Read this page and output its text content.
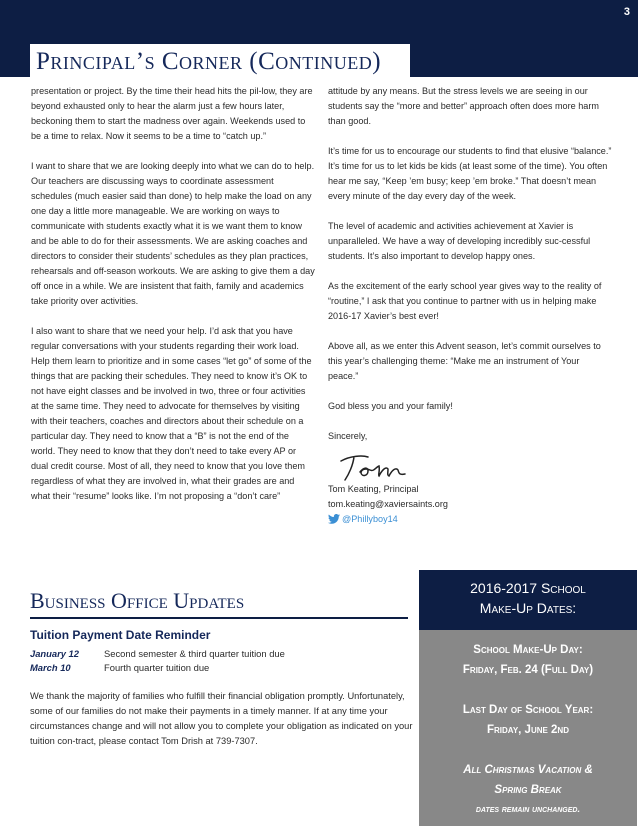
3
Principal’s Corner (Continued)

presentation or project. By the time their head hits the pil-low, they are beyond exhausted only to hear the alarm just a few hours later, beckoning them to start the madness over again. Weekends used to be a time to relax. Now it seems to be a time to “catch up.”

I want to share that we are looking deeply into what we can do to help. Our teachers are discussing ways to coordinate assessment schedules (much easier said than done) to help make the load on any one day a little more manageable. We are working on ways to communicate with students exactly what it is we want them to know and be able to do for their assessments. We are asking coaches and directors to consider their students’ schedules as they plan practices, rehearsals and off-season workouts. We are asking to give them a day off once in a while. We are insistent that faith, family and academics take priority over activities.

I also want to share that we need your help. I’d ask that you have regular conversations with your students regarding their work load. Help them learn to prioritize and in some cases “let go” of some of the things that are packing their schedules. They need to know it’s OK to not have eight classes and be involved in two, three or four activities at the same time. They need to advocate for themselves by visiting with their teachers, coaches and directors about their schedule on a particular day. They need to know that a “B” is not the end of the world. They need to know that they don’t need to take every AP or dual credit course. Most of all, they need to know that you love them regardless of what they are involved in, what their grades are and what their “resume” looks like. I’m not proposing a “don’t care”

attitude by any means. But the stress levels we are seeing in our students say the “more and better” approach often does more harm than good.

It’s time for us to encourage our students to find that elusive “balance.” It’s time for us to let kids be kids (at least some of the time). You often hear me say, “Keep ’em busy; keep ’em broke.” That doesn’t mean every minute of the day every day of the week.

The level of academic and activities achievement at Xavier is unparalleled. We have a way of developing incredibly suc-cessful students. It’s also important to develop happy ones.

As the excitement of the early school year gives way to the reality of “routine,” I ask that you continue to partner with us in helping make 2016-17 Xavier’s best ever!

Above all, as we enter this Advent season, let’s commit ourselves to this year’s challenging theme: “Make me an instrument of Your peace.”

God bless you and your family!

Sincerely,

Tom Keating, Principal
tom.keating@xaviersaints.org
@Phillyboy14
Business Office Updates
Tuition Payment Date Reminder
January 12	Second semester & third quarter tuition due
March 10	Fourth quarter tuition due
We thank the majority of families who fulfill their financial obligation promptly. Unfortunately, some of our families do not make their payments in a timely manner. If at any time your circumstances change and will not allow you to complete your obligation as indicated on your tuition con-tract, please contact Tom Drish at 739-7307.
2016-2017 School
Make-Up Dates:
School Make-Up Day:
Friday, Feb. 24 (Full Day)
Last Day of School Year:
Friday, June 2nd
All Christmas Vacation &
Spring Break
dates remain unchanged.
